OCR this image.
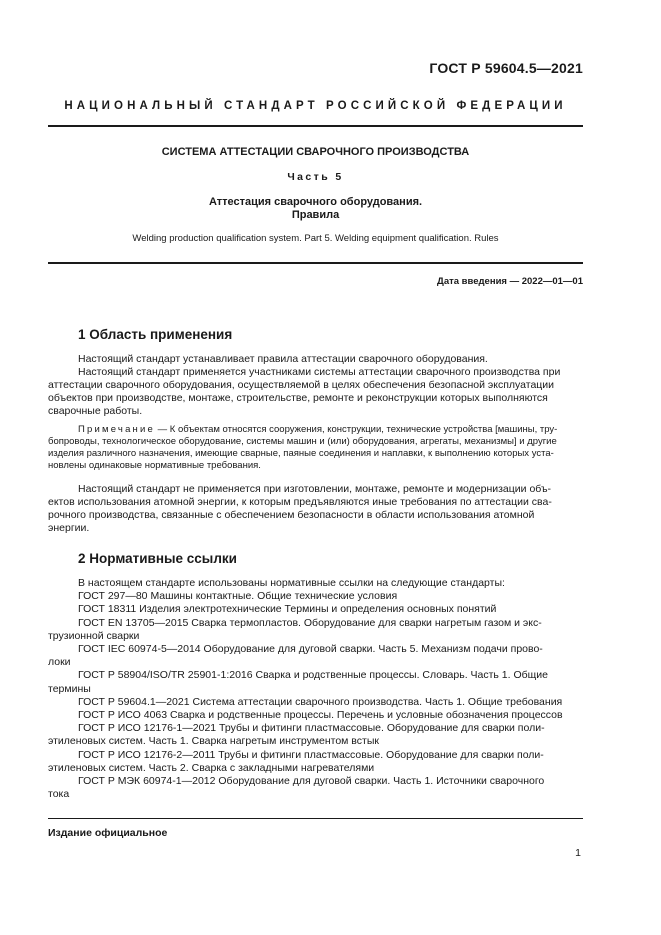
ГОСТ Р 59604.5—2021
НАЦИОНАЛЬНЫЙ СТАНДАРТ РОССИЙСКОЙ ФЕДЕРАЦИИ
СИСТЕМА АТТЕСТАЦИИ СВАРОЧНОГО ПРОИЗВОДСТВА
Часть 5
Аттестация сварочного оборудования.
Правила
Welding production qualification system. Part 5. Welding equipment qualification. Rules
Дата введения — 2022—01—01
1 Область применения
Настоящий стандарт устанавливает правила аттестации сварочного оборудования.
Настоящий стандарт применяется участниками системы аттестации сварочного производства при
аттестации сварочного оборудования, осуществляемой в целях обеспечения безопасной эксплуатации
объектов при производстве, монтаже, строительстве, ремонте и реконструкции которых выполняются
сварочные работы.
Примечание — К объектам относятся сооружения, конструкции, технические устройства [машины, тру-
бопроводы, технологическое оборудование, системы машин и (или) оборудования, агрегаты, механизмы] и другие
изделия различного назначения, имеющие сварные, паяные соединения и наплавки, к выполнению которых уста-
новлены одинаковые нормативные требования.
Настоящий стандарт не применяется при изготовлении, монтаже, ремонте и модернизации объ-
ектов использования атомной энергии, к которым предъявляются иные требования по аттестации сва-
рочного производства, связанные с обеспечением безопасности в области использования атомной
энергии.
2 Нормативные ссылки
В настоящем стандарте использованы нормативные ссылки на следующие стандарты:
ГОСТ 297—80 Машины контактные. Общие технические условия
ГОСТ 18311 Изделия электротехнические Термины и определения основных понятий
ГОСТ EN 13705—2015 Сварка термопластов. Оборудование для сварки нагретым газом и экс-
трузионной сварки
ГОСТ IEC 60974-5—2014 Оборудование для дуговой сварки. Часть 5. Механизм подачи прово-
локи
ГОСТ Р 58904/ISO/TR 25901-1:2016 Сварка и родственные процессы. Словарь. Часть 1. Общие
термины
ГОСТ Р 59604.1—2021 Система аттестации сварочного производства. Часть 1. Общие требования
ГОСТ Р ИСО 4063 Сварка и родственные процессы. Перечень и условные обозначения процессов
ГОСТ Р ИСО 12176-1—2021 Трубы и фитинги пластмассовые. Оборудование для сварки поли-
этиленовых систем. Часть 1. Сварка нагретым инструментом встык
ГОСТ Р ИСО 12176-2—2011 Трубы и фитинги пластмассовые. Оборудование для сварки поли-
этиленовых систем. Часть 2. Сварка с закладными нагревателями
ГОСТ Р МЭК 60974-1—2012 Оборудование для дуговой сварки. Часть 1. Источники сварочного
тока
Издание официальное
1
